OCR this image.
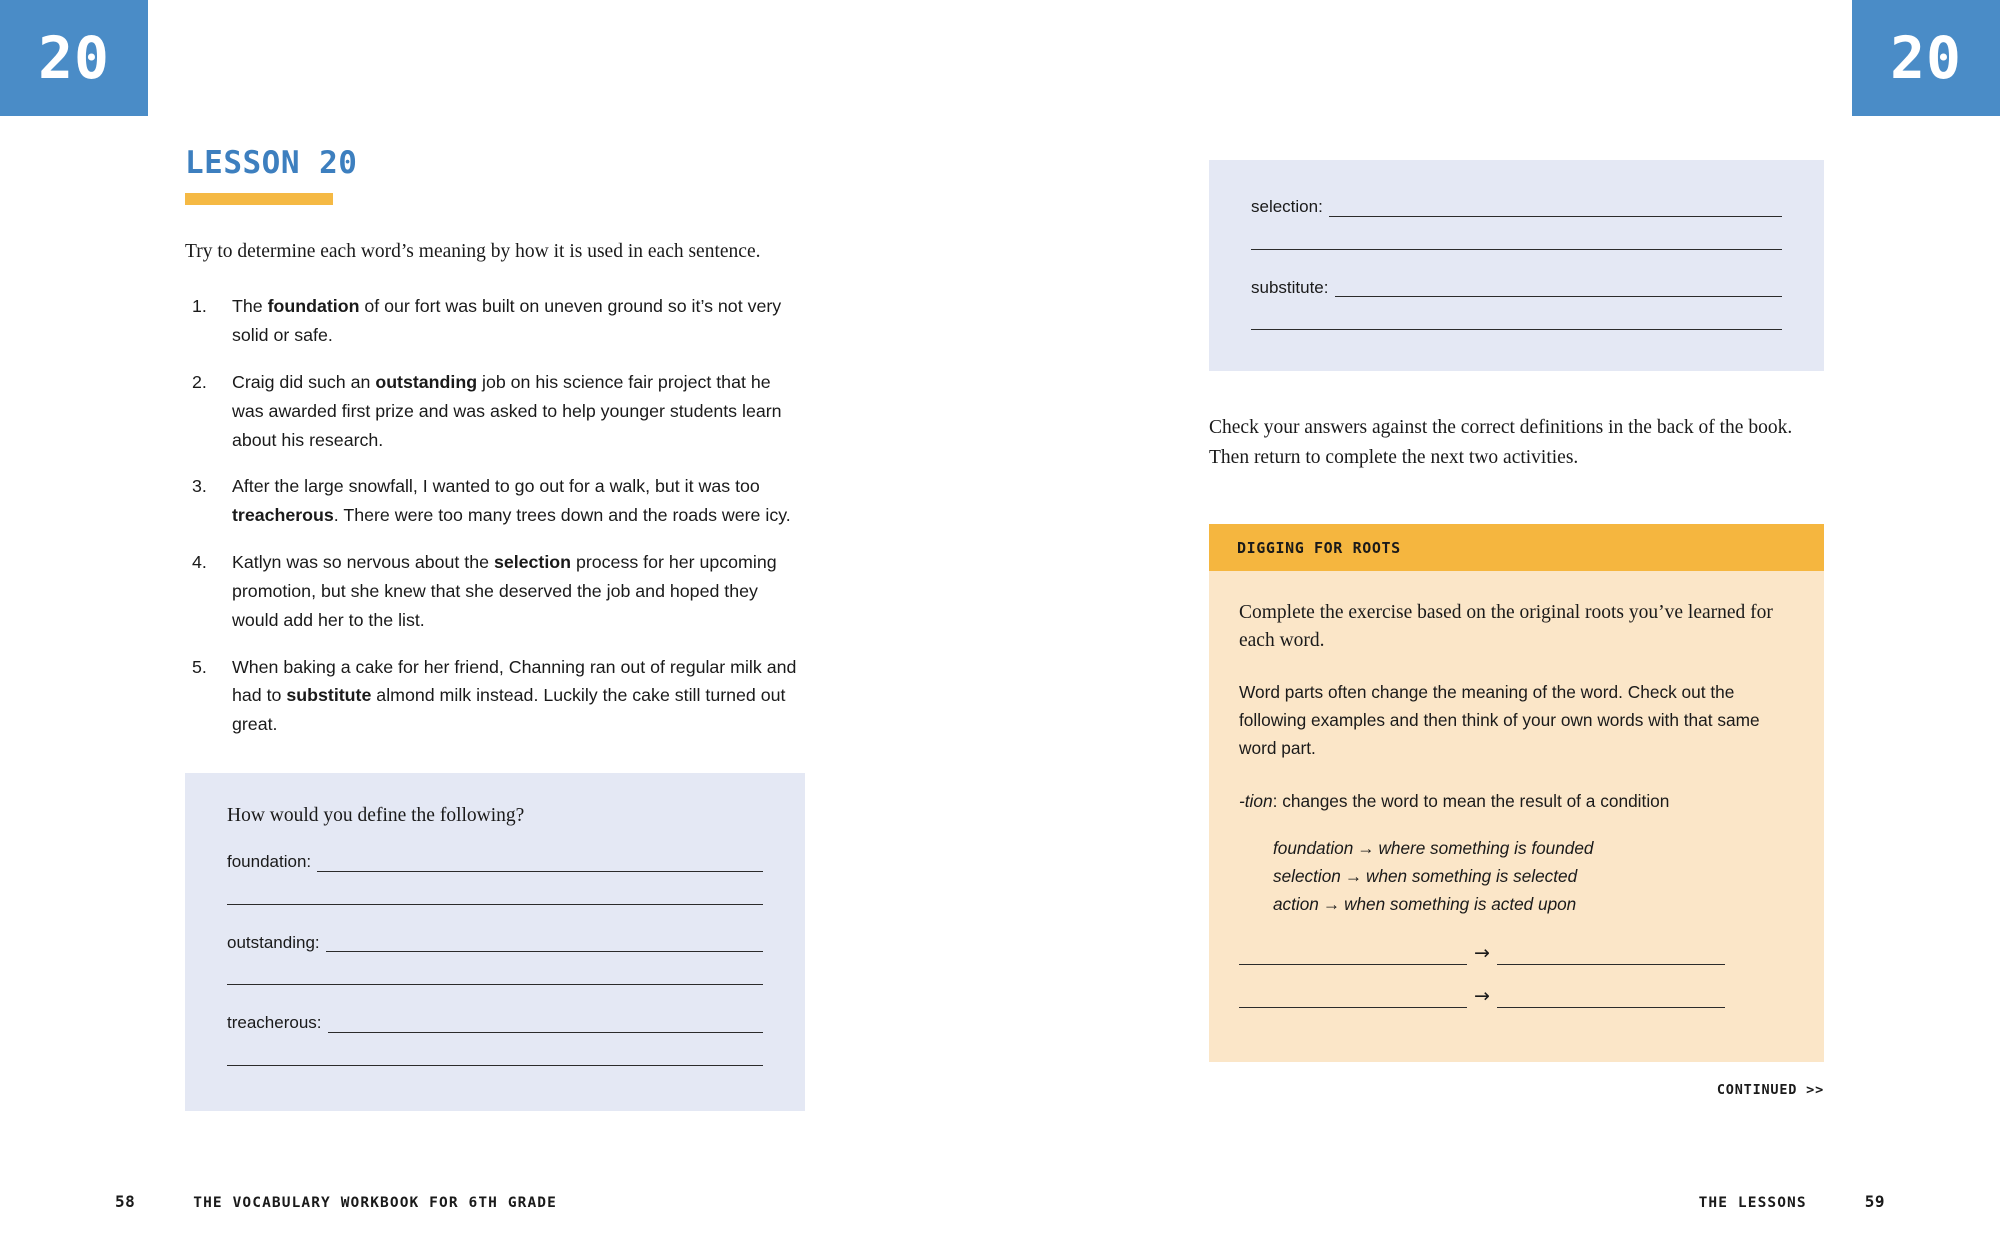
20	20
LESSON 20

Try to determine each word’s meaning by how it is used in each sentence.

1. The foundation of our fort was built on uneven ground so it’s not very solid or safe.
2. Craig did such an outstanding job on his science fair project that he was awarded first prize and was asked to help younger students learn about his research.
3. After the large snowfall, I wanted to go out for a walk, but it was too treacherous. There were too many trees down and the roads were icy.
4. Katlyn was so nervous about the selection process for her upcoming promotion, but she knew that she deserved the job and hoped they would add her to the list.
5. When baking a cake for her friend, Channing ran out of regular milk and had to substitute almond milk instead. Luckily the cake still turned out great.
How would you define the following?
foundation:
outstanding:
treacherous:
58	THE VOCABULARY WORKBOOK FOR 6TH GRADE
selection:
substitute:

Check your answers against the correct definitions in the back of the book. Then return to complete the next two activities.

DIGGING FOR ROOTS

Complete the exercise based on the original roots you’ve learned for each word.

Word parts often change the meaning of the word. Check out the following examples and then think of your own words with that same word part.

-tion: changes the word to mean the result of a condition

foundation → where something is founded
selection → when something is selected
action → when something is acted upon
→
→
CONTINUED >>
THE LESSONS	59
